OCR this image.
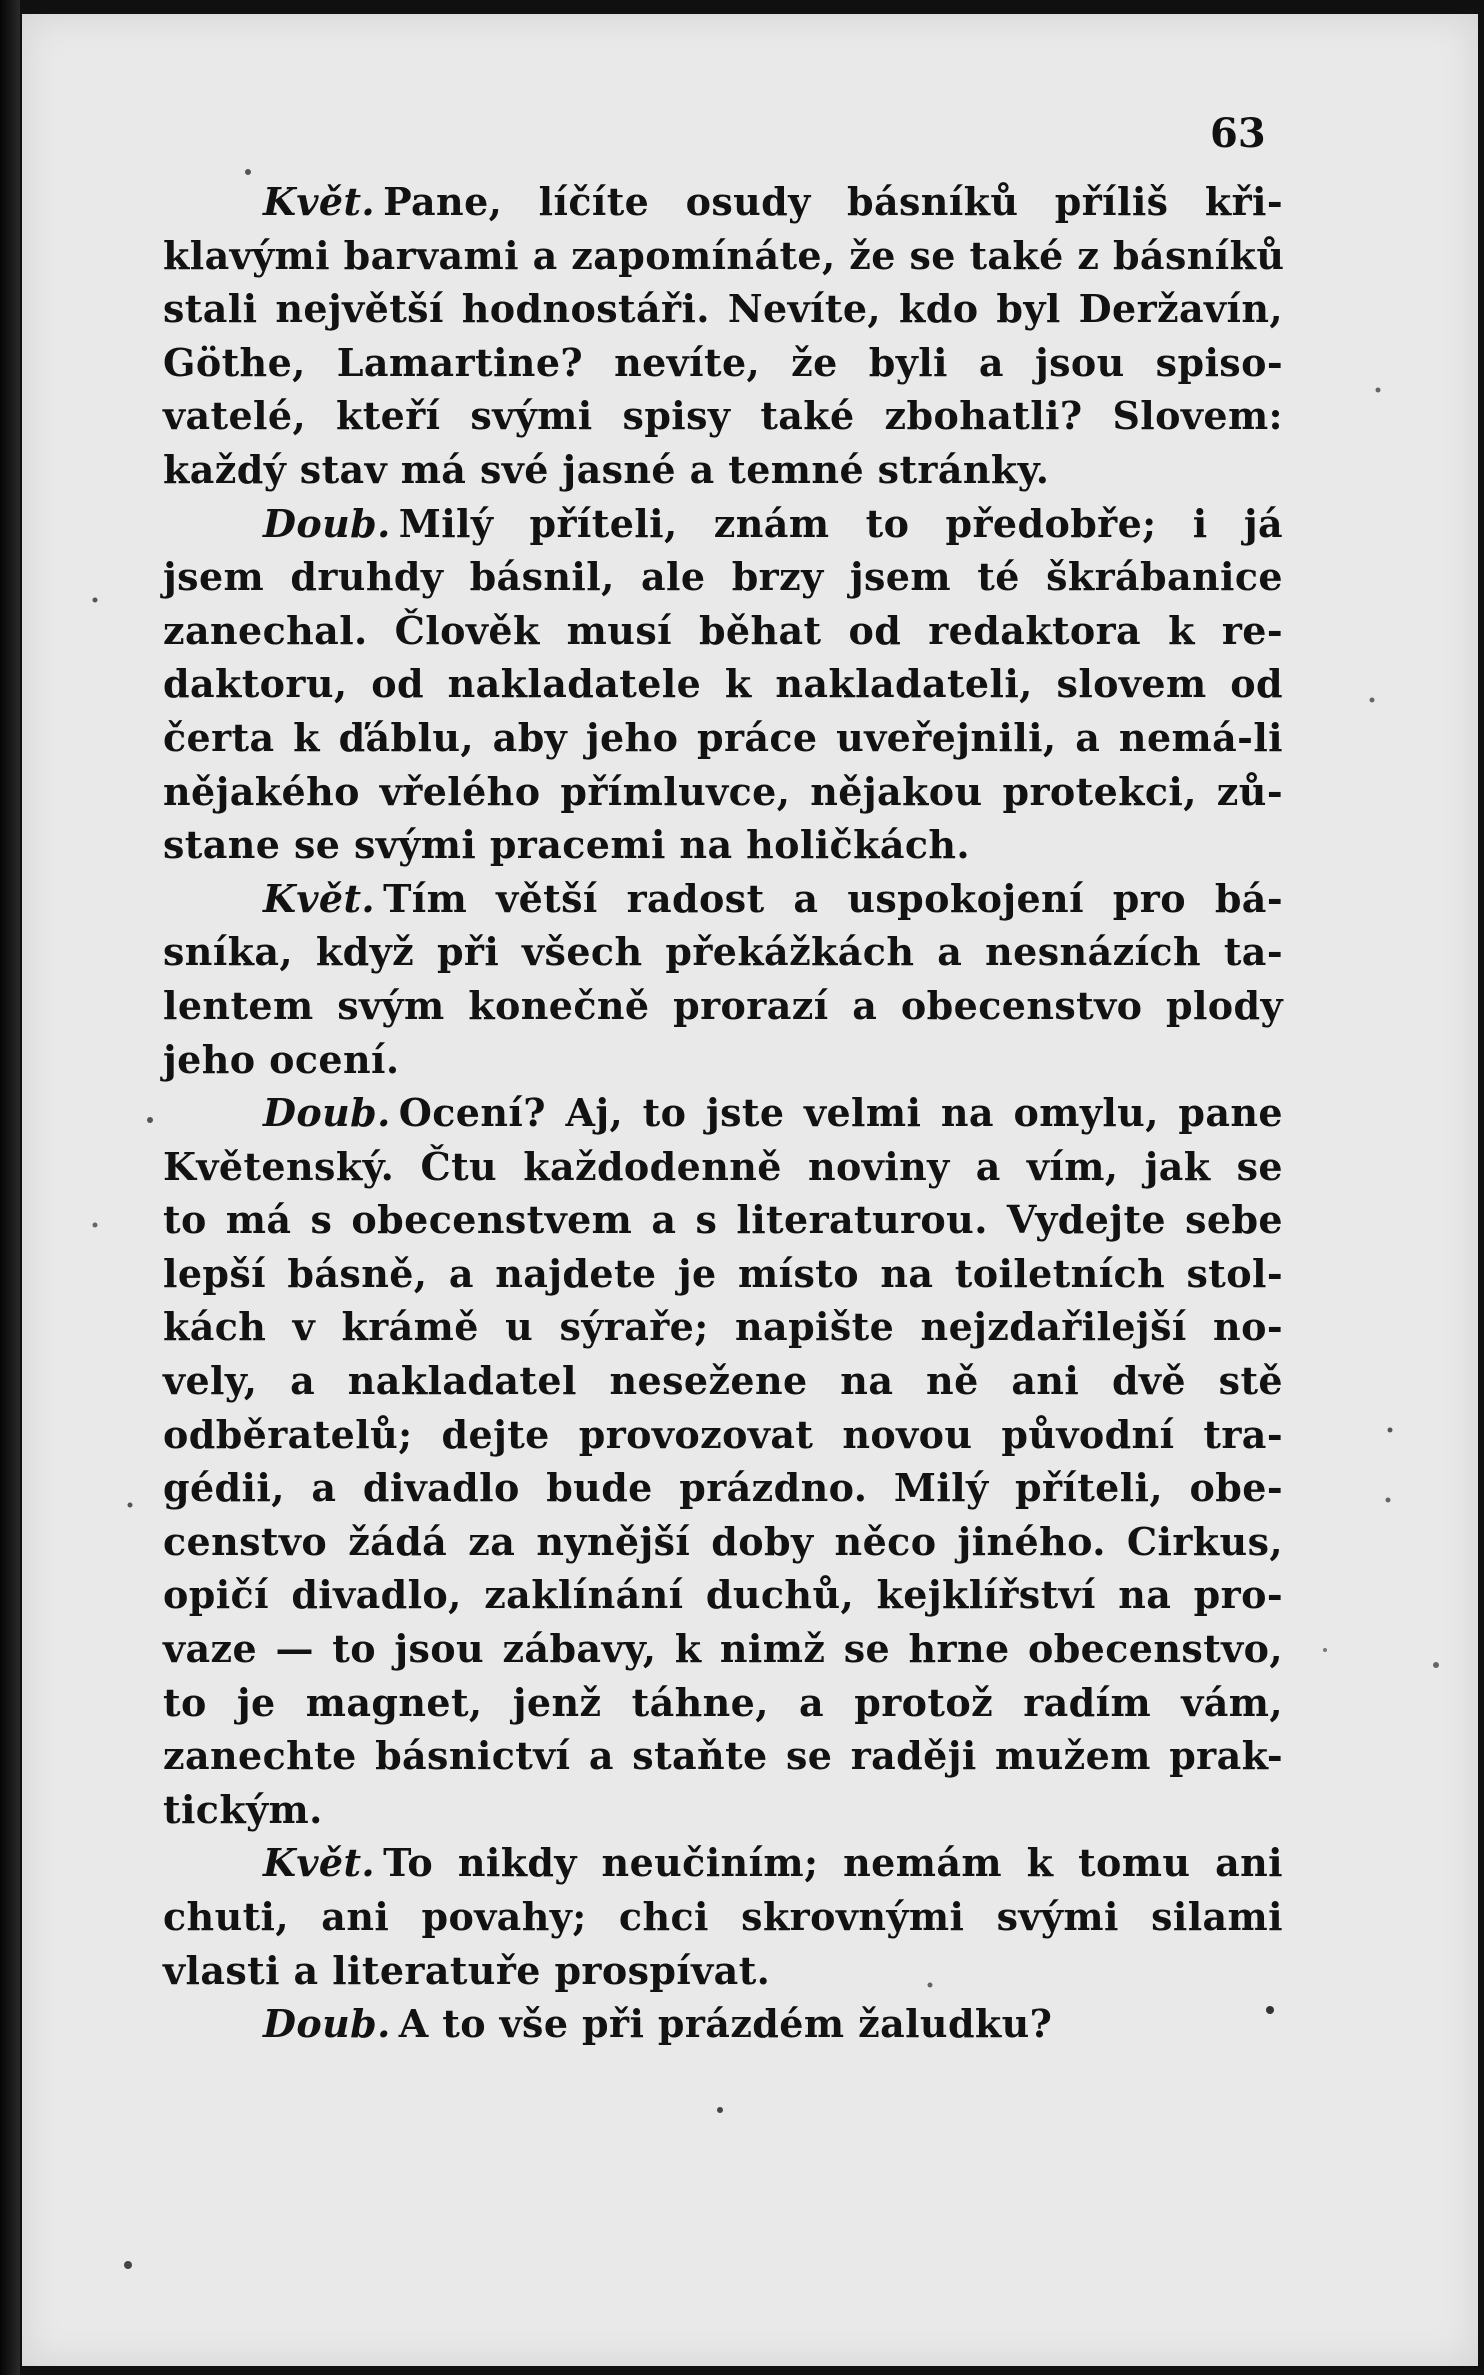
63
Květ. Pane, líčíte osudy básníků příliš kři-
klavými barvami a zapomínáte, že se také z básníků
stali největší hodnostáři. Nevíte, kdo byl Deržavín,
Göthe, Lamartine? nevíte, že byli a jsou spiso-
vatelé, kteří svými spisy také zbohatli? Slovem:
každý stav má své jasné a temné stránky.
Doub. Milý příteli, znám to předobře; i já
jsem druhdy básnil, ale brzy jsem té škrábanice
zanechal. Člověk musí běhat od redaktora k re-
daktoru, od nakladatele k nakladateli, slovem od
čerta k ďáblu, aby jeho práce uveřejnili, a nemá-li
nějakého vřelého přímluvce, nějakou protekci, zů-
stane se svými pracemi na holičkách.
Květ. Tím větší radost a uspokojení pro bá-
sníka, když při všech překážkách a nesnázích ta-
lentem svým konečně prorazí a obecenstvo plody
jeho ocení.
Doub. Ocení? Aj, to jste velmi na omylu, pane
Květenský. Čtu každodenně noviny a vím, jak se
to má s obecenstvem a s literaturou. Vydejte sebe
lepší básně, a najdete je místo na toiletních stol-
kách v krámě u sýraře; napište nejzdařilejší no-
vely, a nakladatel nesežene na ně ani dvě stě
odběratelů; dejte provozovat novou původní tra-
gédii, a divadlo bude prázdno. Milý příteli, obe-
censtvo žádá za nynější doby něco jiného. Cirkus,
opičí divadlo, zaklínání duchů, kejklířství na pro-
vaze — to jsou zábavy, k nimž se hrne obecenstvo,
to je magnet, jenž táhne, a protož radím vám,
zanechte básnictví a staňte se raději mužem prak-
tickým.
Květ. To nikdy neučiním; nemám k tomu ani
chuti, ani povahy; chci skrovnými svými silami
vlasti a literatuře prospívat.
Doub. A to vše při prázdém žaludku?
